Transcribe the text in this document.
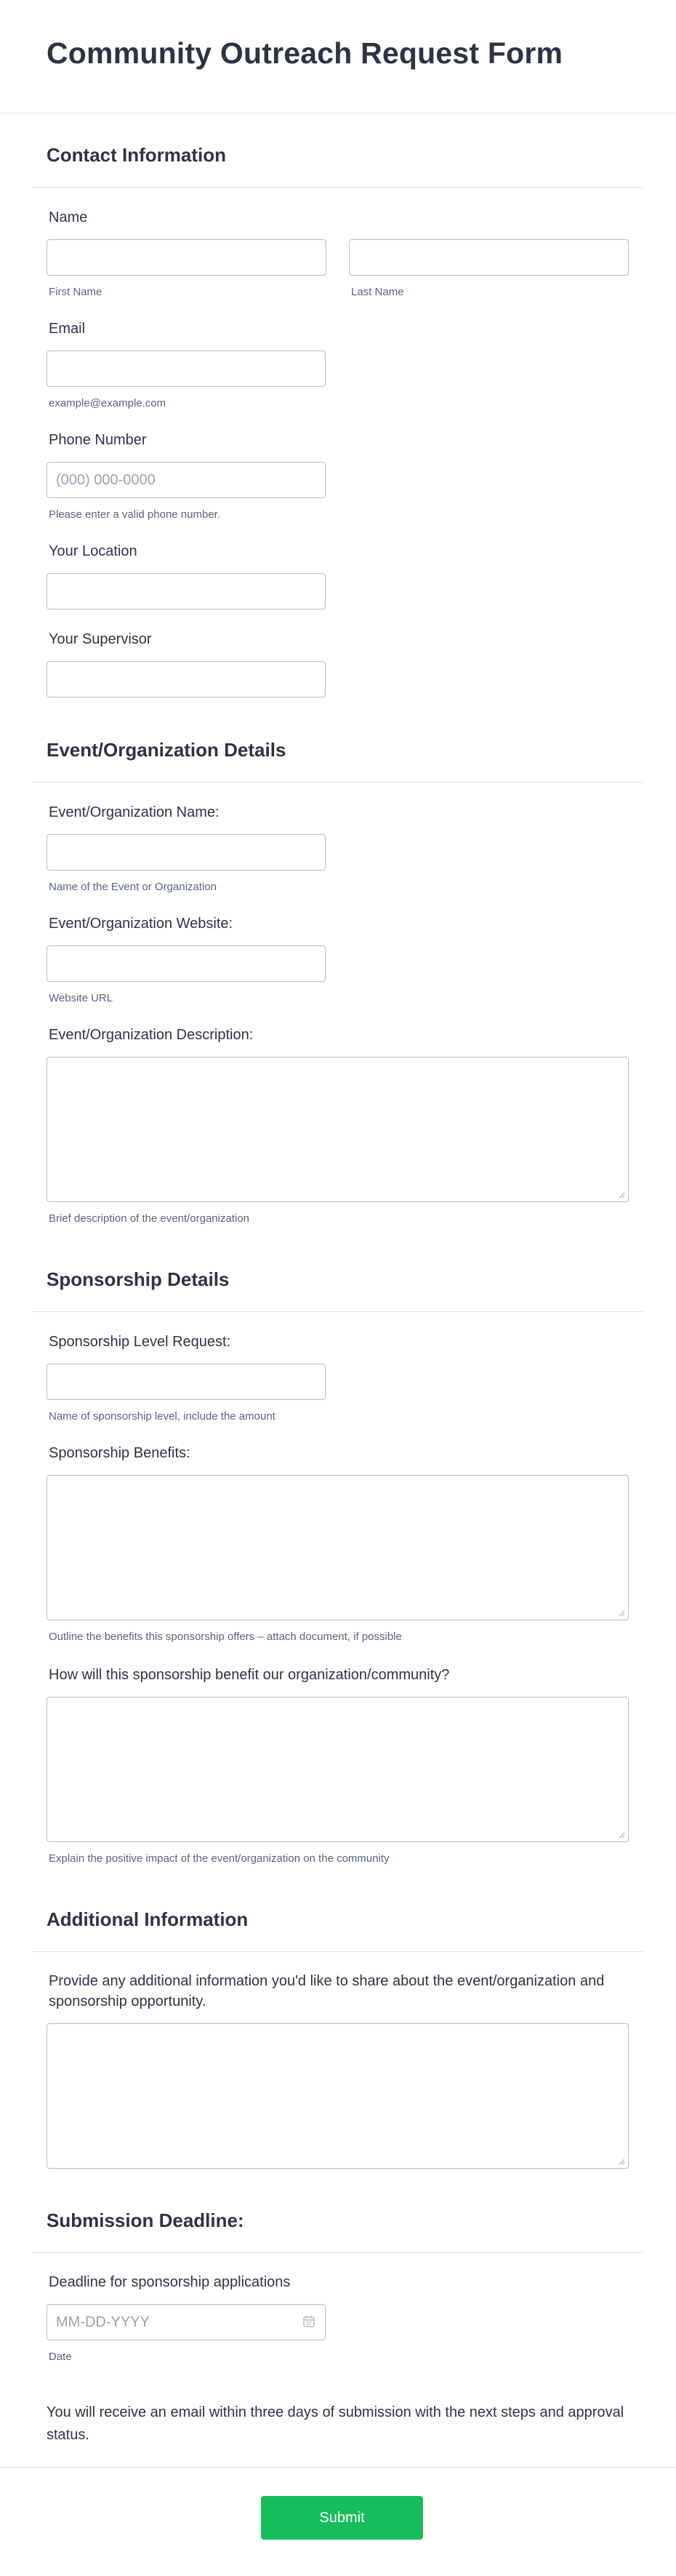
Community Outreach Request Form
Contact Information
Name
First Name	Last Name
Email
example@example.com
Phone Number
(000) 000-0000
Please enter a valid phone number.
Your Location
Your Supervisor
Event/Organization Details
Event/Organization Name:
Name of the Event or Organization
Event/Organization Website:
Website URL
Event/Organization Description:
Brief description of the event/organization
Sponsorship Details
Sponsorship Level Request:
Name of sponsorship level, include the amount
Sponsorship Benefits:
Outline the benefits this sponsorship offers – attach document, if possible
How will this sponsorship benefit our organization/community?
Explain the positive impact of the event/organization on the community
Additional Information
Provide any additional information you'd like to share about the event/organization and sponsorship opportunity.
Submission Deadline:
Deadline for sponsorship applications
MM-DD-YYYY
Date

You will receive an email within three days of submission with the next steps and approval status.

Submit
